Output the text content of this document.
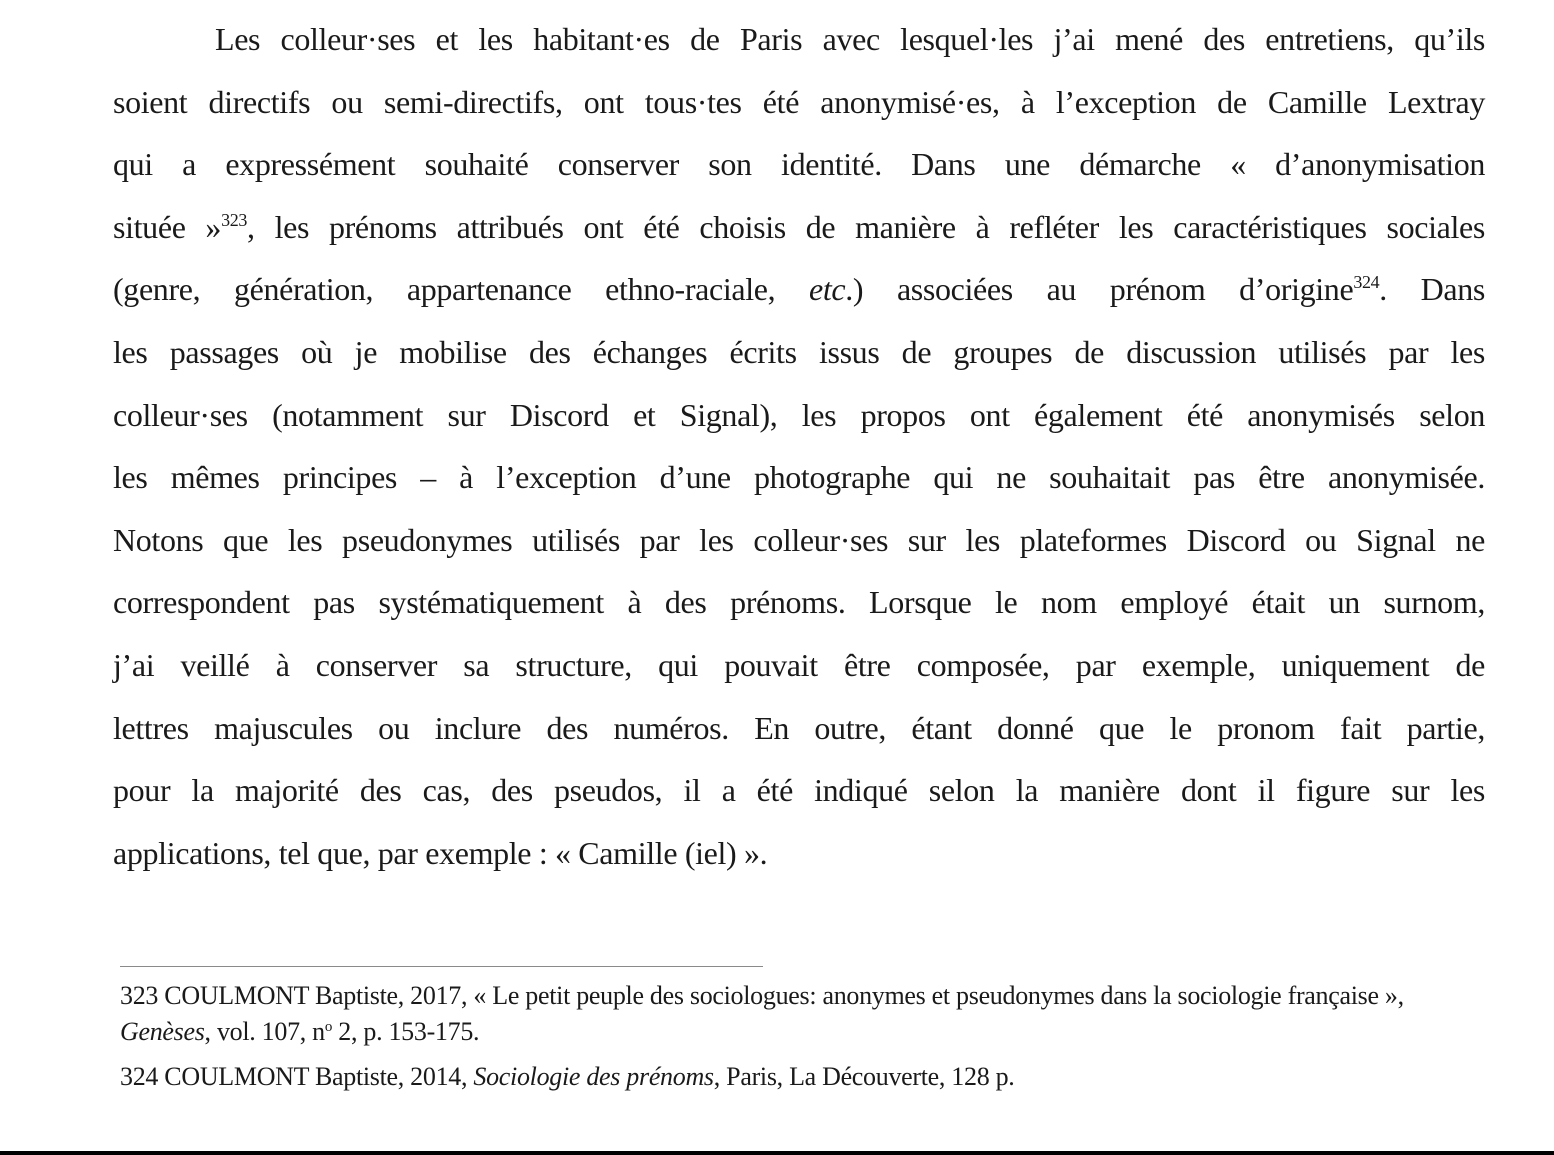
Les colleur·ses et les habitant·es de Paris avec lesquel·les j’ai mené des entretiens, qu’ils
soient directifs ou semi-directifs, ont tous·tes été anonymisé·es, à l’exception de Camille Lextray
qui a expressément souhaité conserver son identité. Dans une démarche « d’anonymisation
située »$^{323}$, les prénoms attribués ont été choisis de manière à refléter les caractéristiques sociales
(genre, génération, appartenance ethno-raciale, etc.) associées au prénom d’origine$^{324}$. Dans
les passages où je mobilise des échanges écrits issus de groupes de discussion utilisés par les
colleur·ses (notamment sur Discord et Signal), les propos ont également été anonymisés selon
les mêmes principes – à l’exception d’une photographe qui ne souhaitait pas être anonymisée.
Notons que les pseudonymes utilisés par les colleur·ses sur les plateformes Discord ou Signal ne
correspondent pas systématiquement à des prénoms. Lorsque le nom employé était un surnom,
j’ai veillé à conserver sa structure, qui pouvait être composée, par exemple, uniquement de
lettres majuscules ou inclure des numéros. En outre, étant donné que le pronom fait partie,
pour la majorité des cas, des pseudos, il a été indiqué selon la manière dont il figure sur les
applications, tel que, par exemple : « Camille (iel) ».
323 COULMONT Baptiste, 2017, « Le petit peuple des sociologues: anonymes et pseudonymes dans la sociologie française », Genèses, vol. 107, $n^o$ 2, p. 153-175.
324 COULMONT Baptiste, 2014, Sociologie des prénoms, Paris, La Découverte, 128 p.
